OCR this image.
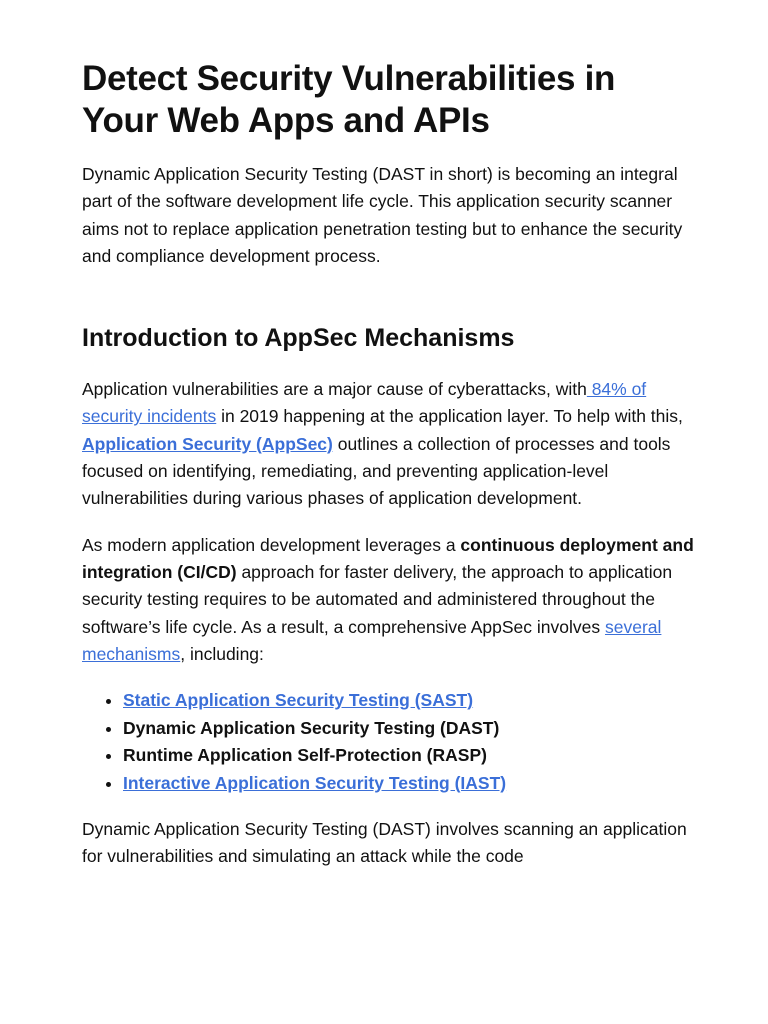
Detect Security Vulnerabilities in Your Web Apps and APIs

Dynamic Application Security Testing (DAST in short) is becoming an integral part of the software development life cycle. This application security scanner aims not to replace application penetration testing but to enhance the security and compliance development process.

Introduction to AppSec Mechanisms

Application vulnerabilities are a major cause of cyberattacks, with 84% of security incidents in 2019 happening at the application layer. To help with this, Application Security (AppSec) outlines a collection of processes and tools focused on identifying, remediating, and preventing application-level vulnerabilities during various phases of application development.

As modern application development leverages a continuous deployment and integration (CI/CD) approach for faster delivery, the approach to application security testing requires to be automated and administered throughout the software’s life cycle. As a result, a comprehensive AppSec involves several mechanisms, including:

• Static Application Security Testing (SAST)
• Dynamic Application Security Testing (DAST)
• Runtime Application Self-Protection (RASP)
• Interactive Application Security Testing (IAST)

Dynamic Application Security Testing (DAST) involves scanning an application for vulnerabilities and simulating an attack while the code
